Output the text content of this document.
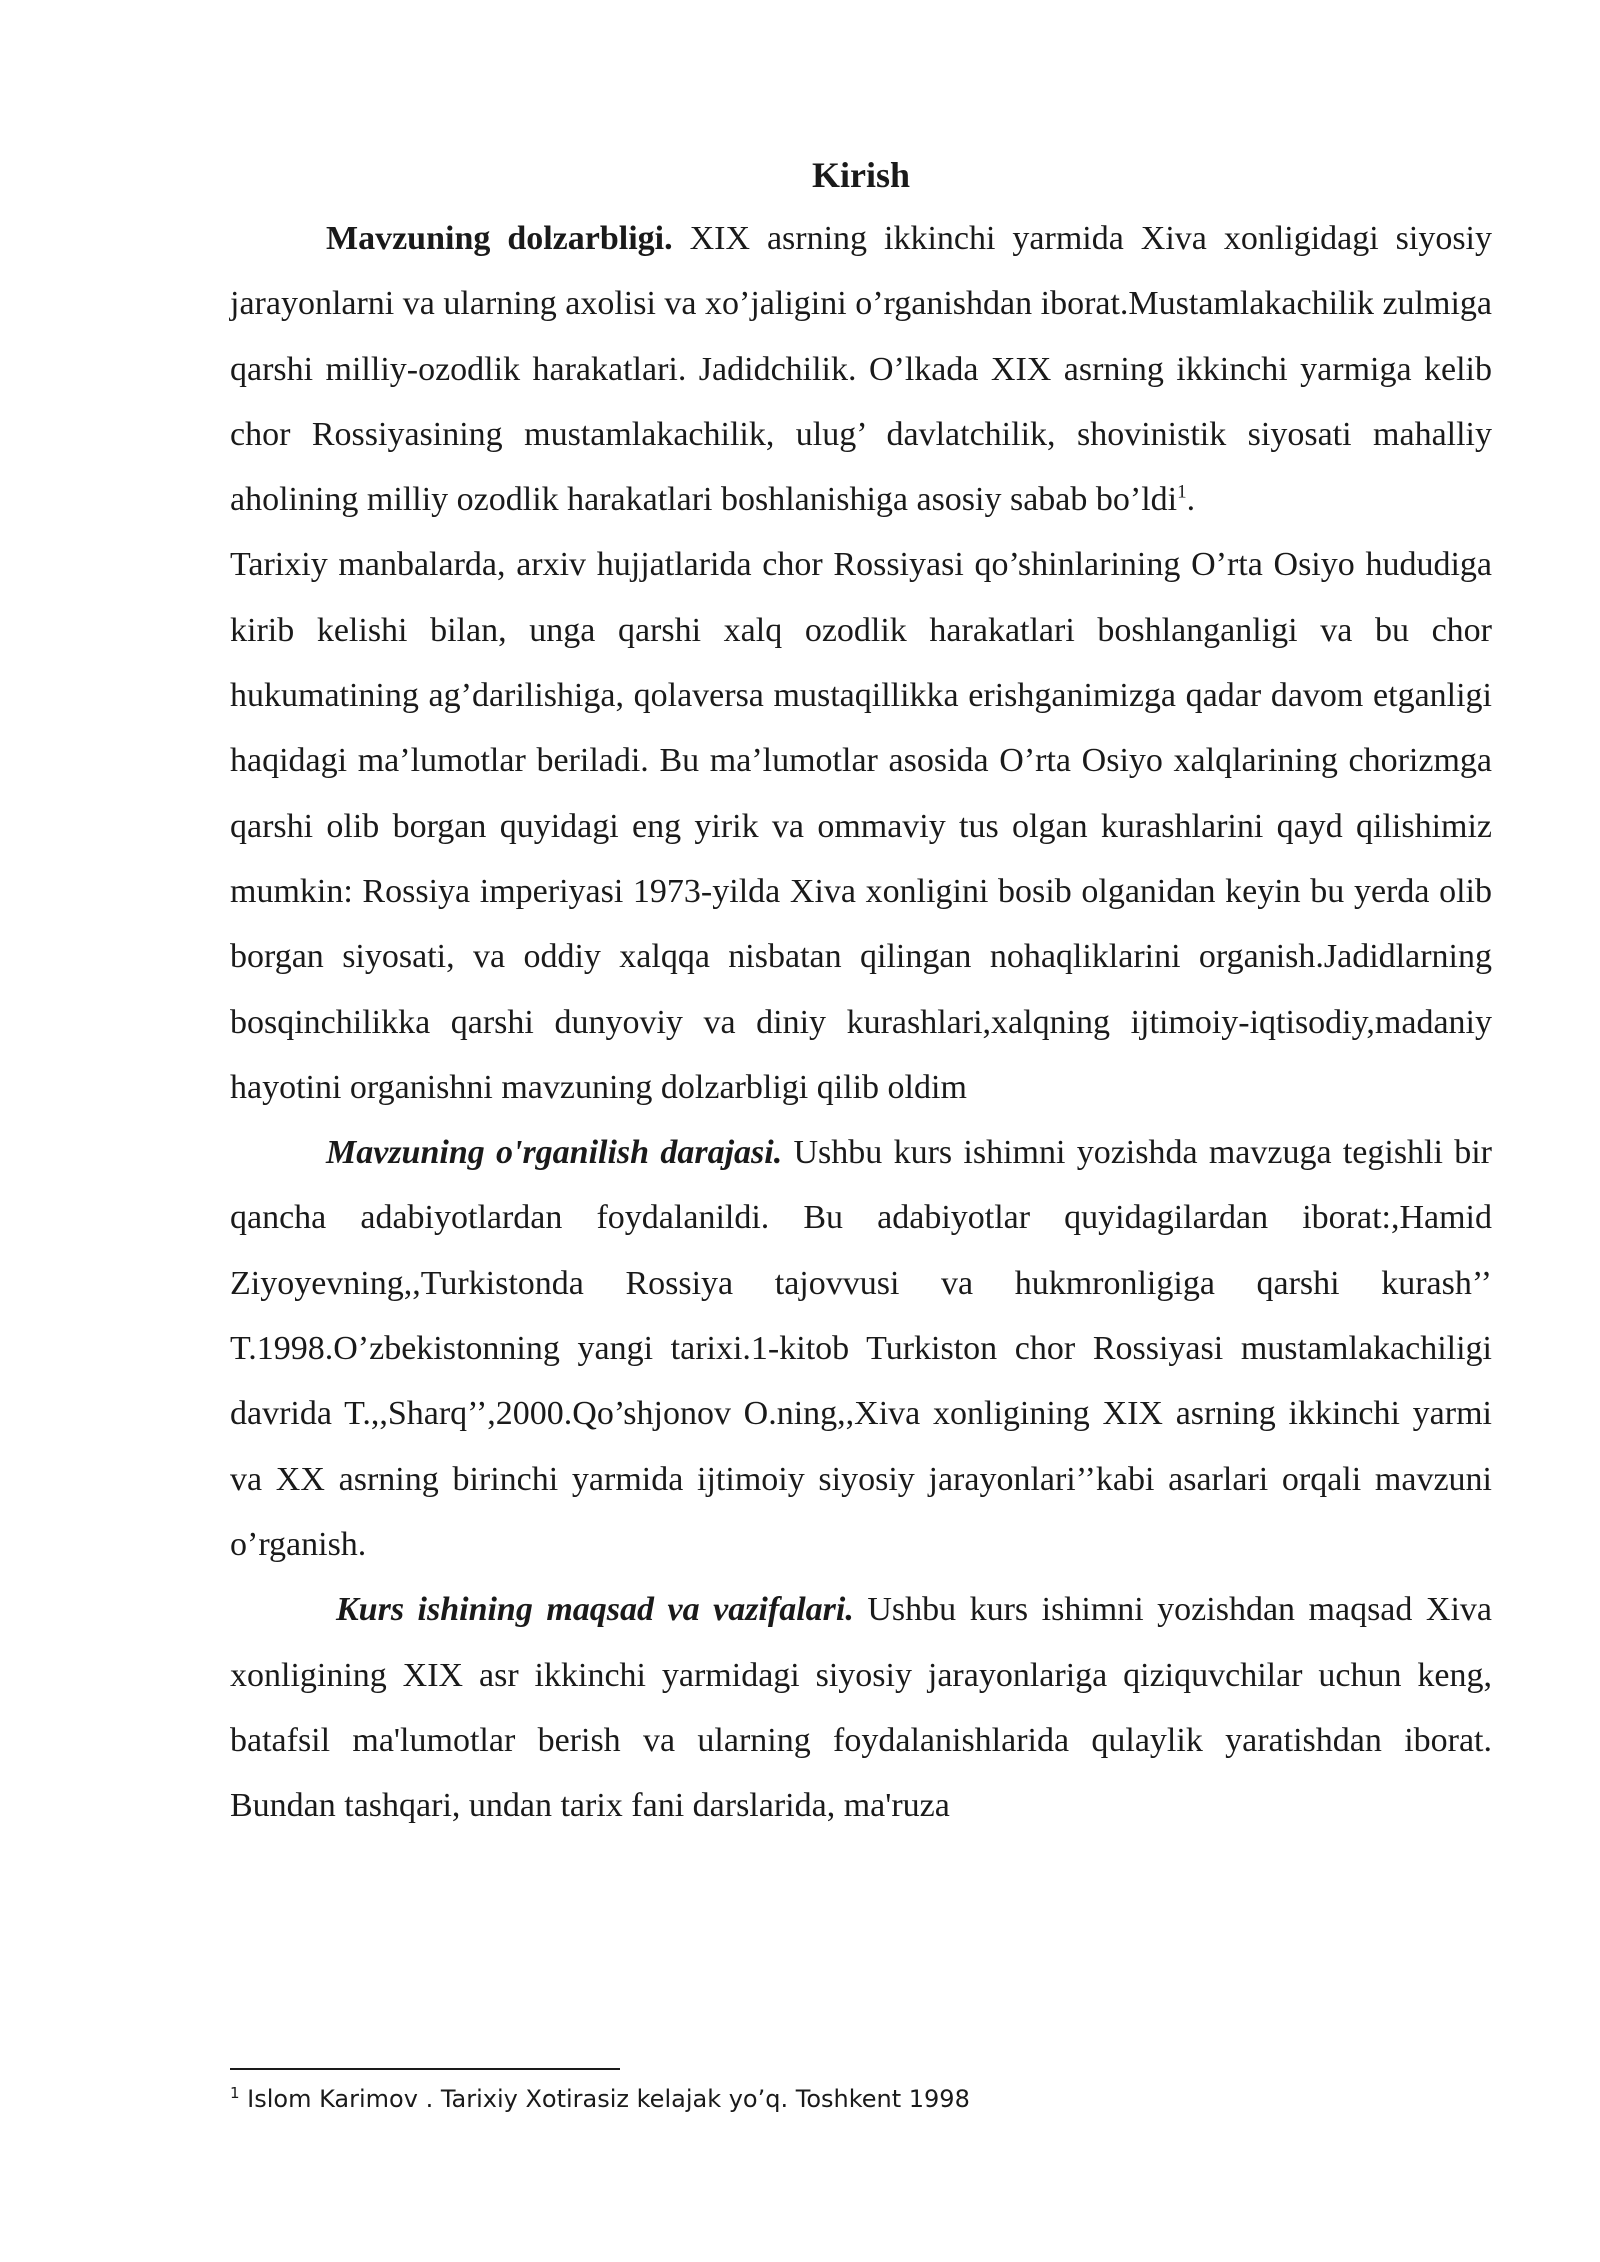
Kirish

Mavzuning dolzarbligi. XIX asrning ikkinchi yarmida Xiva xonligidagi siyosiy jarayonlarni va ularning axolisi va xo’jaligini o’rganishdan iborat.Mustamlakachilik zulmiga qarshi milliy-ozodlik harakatlari. Jadidchilik. O’lkada XIX asrning ikkinchi yarmiga kelib chor Rossiyasining mustamlakachilik, ulug’ davlatchilik, shovinistik siyosati mahalliy aholining milliy ozodlik harakatlari boshlanishiga asosiy sabab bo’ldi$^1$.

Tarixiy manbalarda, arxiv hujjatlarida chor Rossiyasi qo’shinlarining O’rta Osiyo hududiga kirib kelishi bilan, unga qarshi xalq ozodlik harakatlari boshlanganligi va bu chor hukumatining ag’darilishiga, qolaversa mustaqillikka erishganimizga qadar davom etganligi haqidagi ma’lumotlar beriladi. Bu ma’lumotlar asosida O’rta Osiyo xalqlarining chorizmga qarshi olib borgan quyidagi eng yirik va ommaviy tus olgan kurashlarini qayd qilishimiz mumkin: Rossiya imperiyasi 1973-yilda Xiva xonligini bosib olganidan keyin bu yerda olib borgan siyosati, va oddiy xalqqa nisbatan qilingan nohaqliklarini organish.Jadidlarning bosqinchilikka qarshi dunyoviy va diniy kurashlari,xalqning ijtimoiy-iqtisodiy,madaniy hayotini organishni mavzuning dolzarbligi qilib oldim

Mavzuning o'rganilish darajasi. Ushbu kurs ishimni yozishda mavzuga tegishli bir qancha adabiyotlardan foydalanildi. Bu adabiyotlar quyidagilardan iborat:,Hamid Ziyoyevning,,Turkistonda Rossiya tajovvusi va hukmronligiga qarshi kurash’’ T.1998.O’zbekistonning yangi tarixi.1-kitob Turkiston chor Rossiyasi mustamlakachiligi davrida T.,,Sharq’’,2000.Qo’shjonov O.ning,,Xiva xonligining XIX asrning ikkinchi yarmi va XX asrning birinchi yarmida ijtimoiy siyosiy jarayonlari’’kabi asarlari orqali mavzuni o’rganish.

Kurs ishining maqsad va vazifalari. Ushbu kurs ishimni yozishdan maqsad Xiva xonligining XIX asr ikkinchi yarmidagi siyosiy jarayonlariga qiziquvchilar uchun keng, batafsil ma'lumotlar berish va ularning foydalanishlarida qulaylik yaratishdan iborat. Bundan tashqari, undan tarix fani darslarida, ma'ruza

$^1$ Islom Karimov . Tarixiy Xotirasiz kelajak yo’q. Toshkent 1998
